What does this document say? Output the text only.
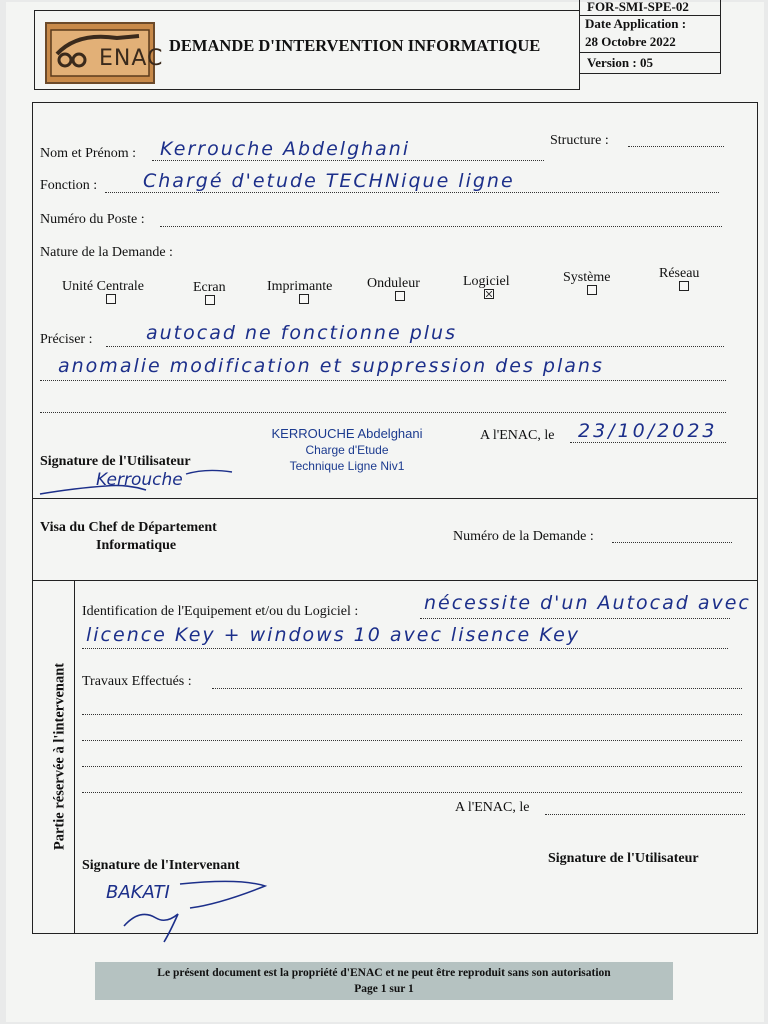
ENAC
DEMANDE D'INTERVENTION INFORMATIQUE
FOR-SMI-SPE-02
Date Application :
28 Octobre 2022
Version : 05
Nom et Prénom : Kerrouche Abdelghani	Structure :
Fonction : Chargé d'etude TECHNique ligne
Numéro du Poste :
Nature de la Demande :
Unité Centrale	Ecran	Imprimante Onduleur	Logiciel	Système	Réseau
Préciser :	autocad ne fonctionne plus
anomalie modification et suppression des plans
Signature de l'Utilisateur
Kerrouche
KERROUCHE Abdelghani
Charge d'Etude
Technique Ligne Niv1
A l'ENAC, le 23/10/2023
Visa du Chef de Département
Informatique
Numéro de la Demande :
Partie réservée à l'intervenant
Identification de l'Equipement et/ou du Logiciel :	nécessite d'un Autocad avec
licence Key + windows 10 avec lisence Key
Travaux Effectués :
A l'ENAC, le
Signature de l'Intervenant	Signature de l'Utilisateur
BAKATI
Le présent document est la propriété d'ENAC et ne peut être reproduit sans son autorisation
Page 1 sur 1
